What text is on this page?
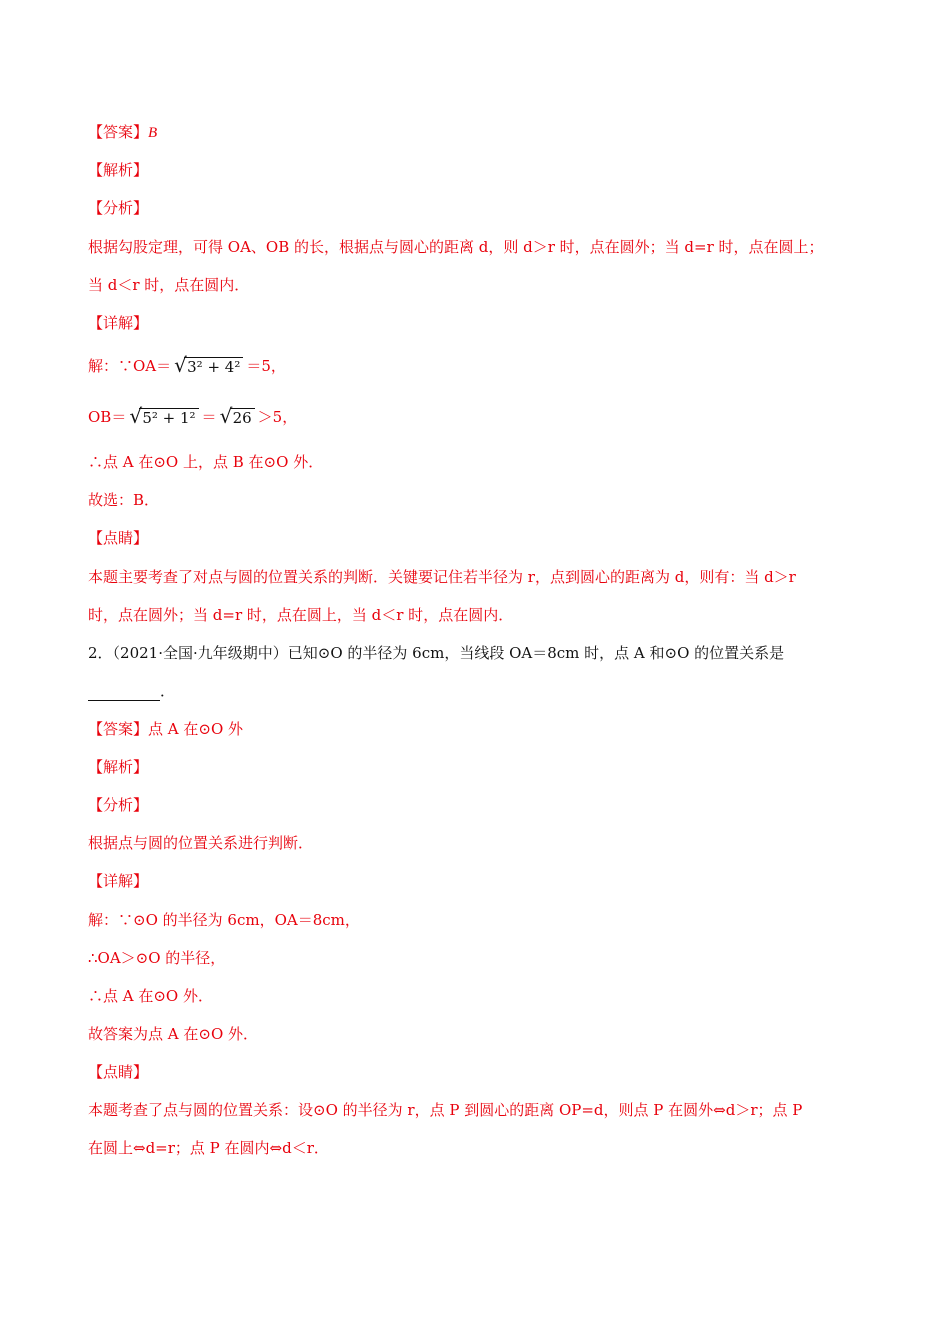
【答案】B
【解析】
【分析】
根据勾股定理，可得 OA、OB 的长，根据点与圆心的距离 d，则 d＞r 时，点在圆外；当 d=r 时，点在圆上；
当 d＜r 时，点在圆内．
【详解】
解：∵OA＝ √ 3² + 4² ＝5，
OB＝ √ 5² + 1² ＝ √ 26 ＞5，
∴点 A 在⊙O 上，点 B 在⊙O 外．
故选：B．
【点睛】
本题主要考查了对点与圆的位置关系的判断．关键要记住若半径为 r，点到圆心的距离为 d，则有：当 d＞r
时，点在圆外；当 d=r 时，点在圆上，当 d＜r 时，点在圆内．
2．（2021·全国·九年级期中）已知⊙O 的半径为 6cm，当线段 OA＝8cm 时，点 A 和⊙O 的位置关系是
．
【答案】点 A 在⊙O 外
【解析】
【分析】
根据点与圆的位置关系进行判断．
【详解】
解：∵⊙O 的半径为 6cm，OA＝8cm，
∴OA＞⊙O 的半径，
∴点 A 在⊙O 外．
故答案为点 A 在⊙O 外．
【点睛】
本题考查了点与圆的位置关系：设⊙O 的半径为 r，点 P 到圆心的距离 OP=d，则点 P 在圆外⇔d＞r；点 P
在圆上⇔d=r；点 P 在圆内⇔d＜r．
